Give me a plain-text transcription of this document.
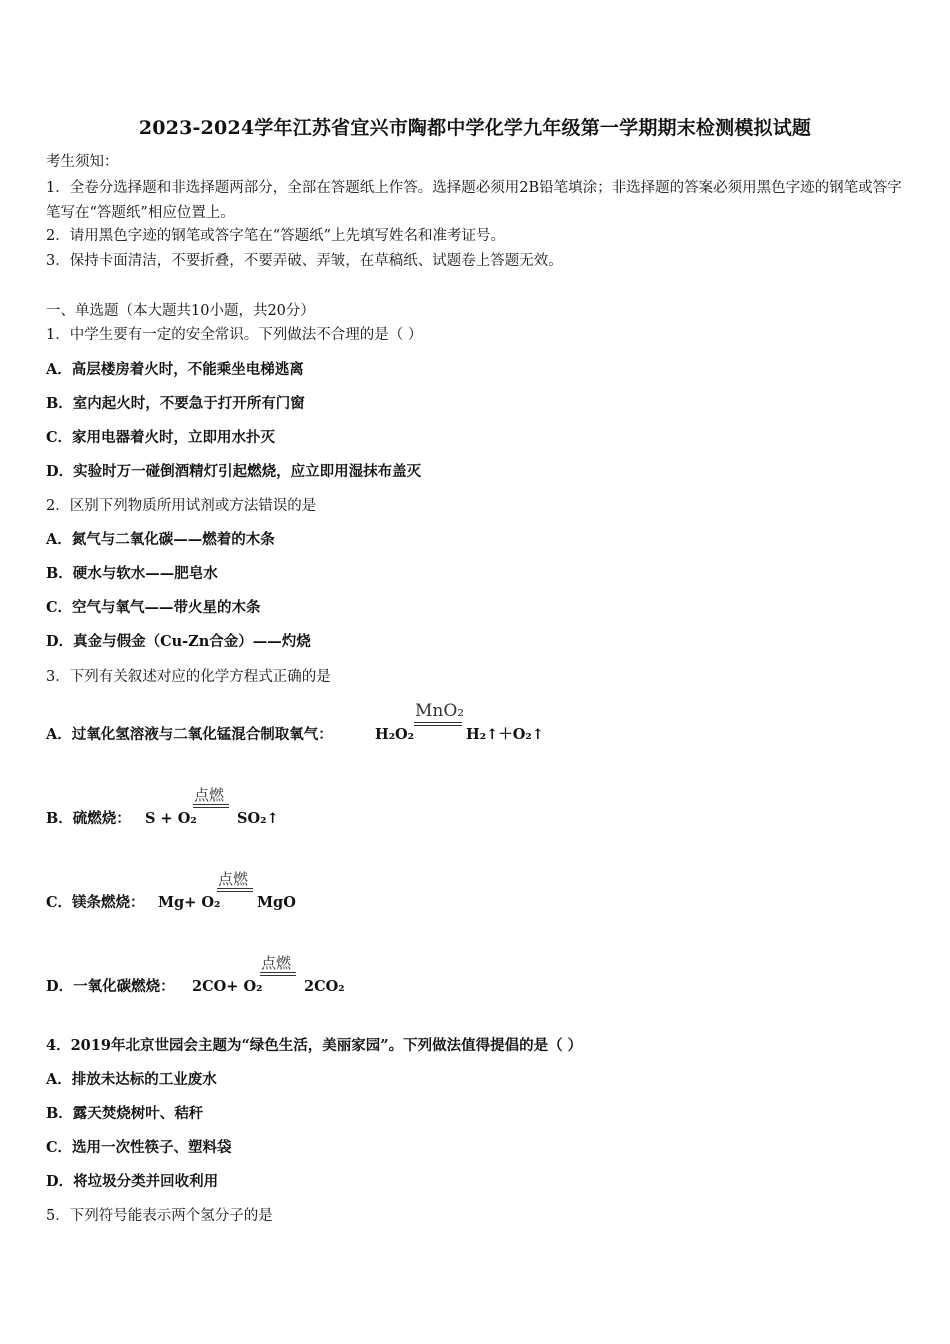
2023-2024学年江苏省宜兴市陶都中学化学九年级第一学期期末检测模拟试题
考生须知：
1．全卷分选择题和非选择题两部分，全部在答题纸上作答。选择题必须用2B铅笔填涂；非选择题的答案必须用黑色字迹的钢笔或答字笔写在“答题纸”相应位置上。
2．请用黑色字迹的钢笔或答字笔在“答题纸”上先填写姓名和准考证号。
3．保持卡面清洁，不要折叠，不要弄破、弄皱，在草稿纸、试题卷上答题无效。
一、单选题（本大题共10小题，共20分）
1．中学生要有一定的安全常识。下列做法不合理的是（ ）
A．高层楼房着火时，不能乘坐电梯逃离
B．室内起火时，不要急于打开所有门窗
C．家用电器着火时，立即用水扑灭
D．实验时万一碰倒酒精灯引起燃烧，应立即用湿抹布盖灭
2．区别下列物质所用试剂或方法错误的是
A．氮气与二氧化碳——燃着的木条
B．硬水与软水——肥皂水
C．空气与氧气——带火星的木条
D．真金与假金（Cu-Zn合金）——灼烧
3．下列有关叙述对应的化学方程式正确的是
A．过氧化氢溶液与二氧化锰混合制取氧气：	H₂O₂
MnO₂
H₂↑＋O₂↑
B．硫燃烧： S + O₂
点燃
SO₂↑
C．镁条燃烧： Mg+ O₂
点燃
MgO
D．一氧化碳燃烧： 2CO+ O₂
点燃
2CO₂
4．2019年北京世园会主题为“绿色生活，美丽家园”。下列做法值得提倡的是（ ）
A．排放未达标的工业废水
B．露天焚烧树叶、秸秆
C．选用一次性筷子、塑料袋
D．将垃圾分类并回收利用
5．下列符号能表示两个氢分子的是
